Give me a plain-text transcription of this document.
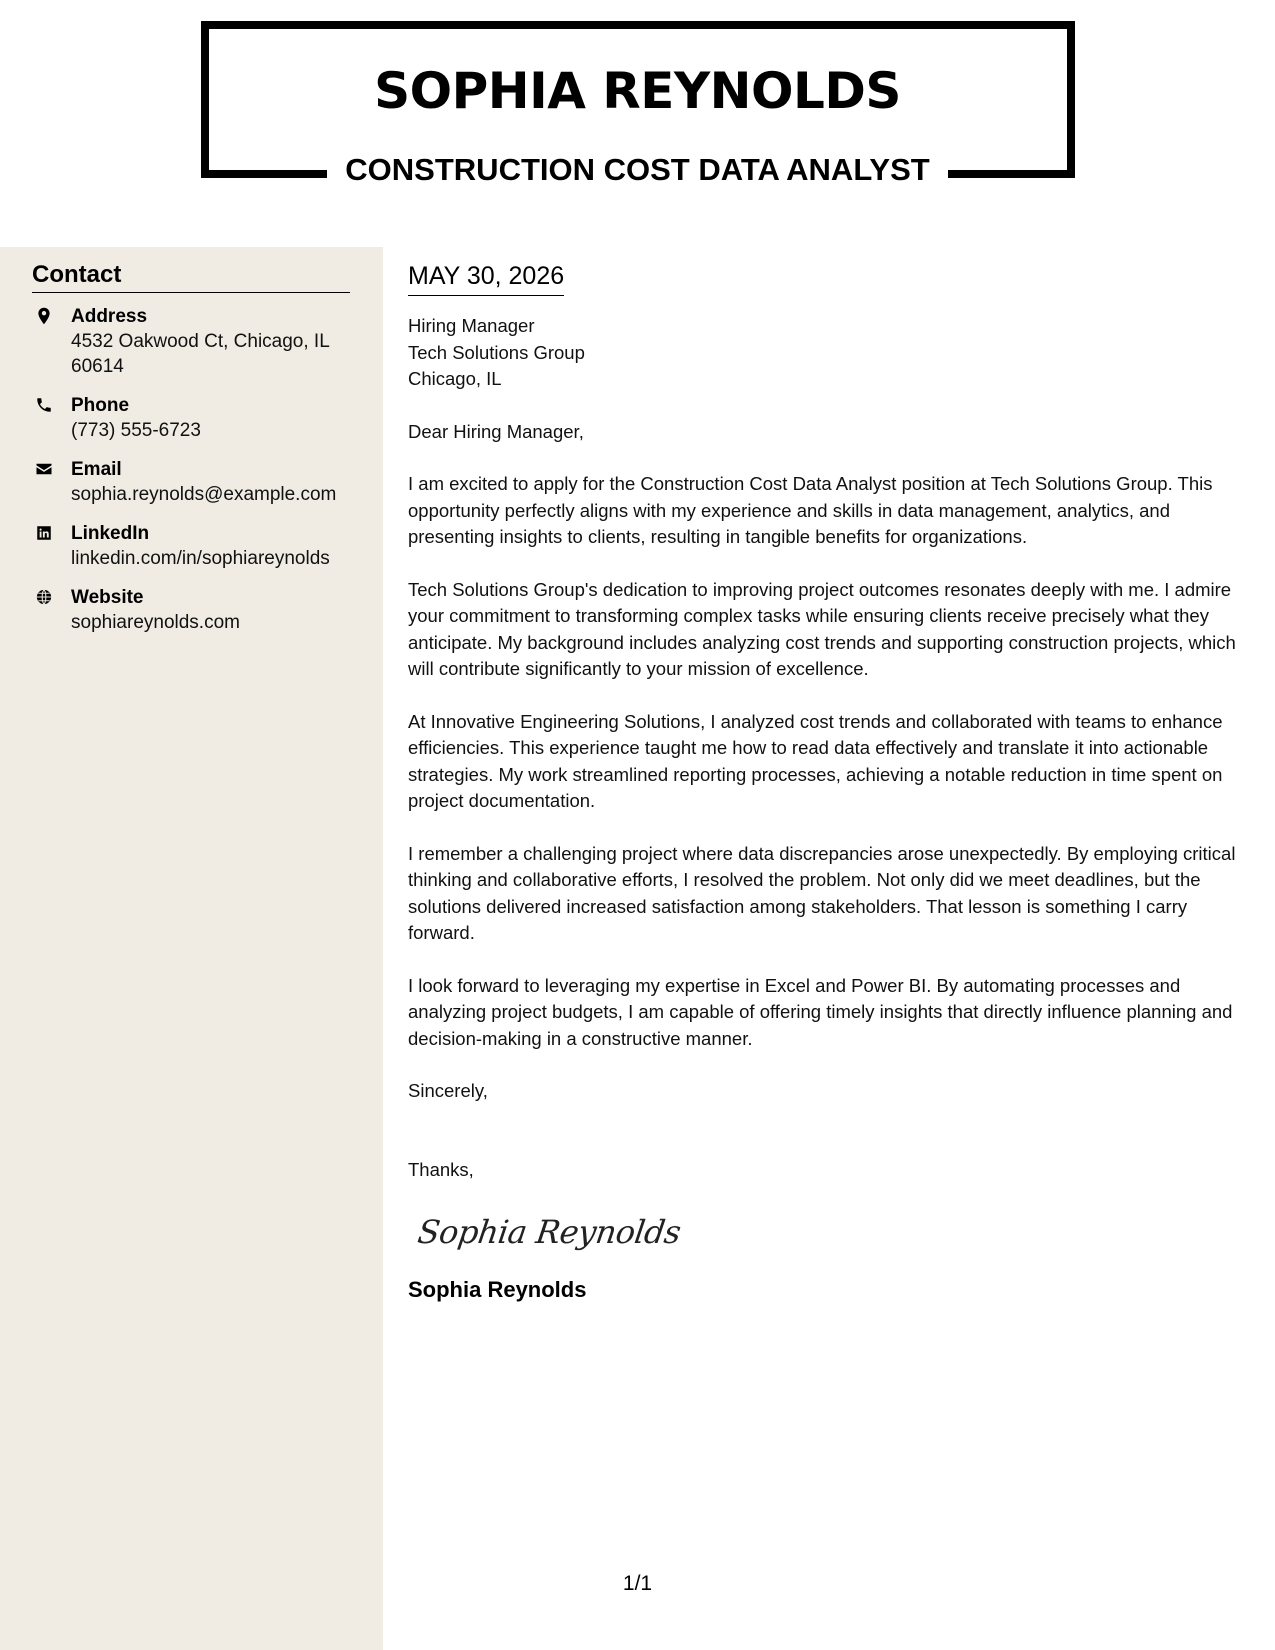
SOPHIA REYNOLDS
CONSTRUCTION COST DATA ANALYST
Contact
Address
4532 Oakwood Ct, Chicago, IL 60614
Phone
(773) 555-6723
Email
sophia.reynolds@example.com
LinkedIn
linkedin.com/in/sophiareynolds
Website
sophiareynolds.com
MAY 30, 2026
Hiring Manager
Tech Solutions Group
Chicago, IL
Dear Hiring Manager,

I am excited to apply for the Construction Cost Data Analyst position at Tech Solutions Group. This opportunity perfectly aligns with my experience and skills in data management, analytics, and presenting insights to clients, resulting in tangible benefits for organizations.

Tech Solutions Group's dedication to improving project outcomes resonates deeply with me. I admire your commitment to transforming complex tasks while ensuring clients receive precisely what they anticipate. My background includes analyzing cost trends and supporting construction projects, which will contribute significantly to your mission of excellence.

At Innovative Engineering Solutions, I analyzed cost trends and collaborated with teams to enhance efficiencies. This experience taught me how to read data effectively and translate it into actionable strategies. My work streamlined reporting processes, achieving a notable reduction in time spent on project documentation.

I remember a challenging project where data discrepancies arose unexpectedly. By employing critical thinking and collaborative efforts, I resolved the problem. Not only did we meet deadlines, but the solutions delivered increased satisfaction among stakeholders. That lesson is something I carry forward.

I look forward to leveraging my expertise in Excel and Power BI. By automating processes and analyzing project budgets, I am capable of offering timely insights that directly influence planning and decision-making in a constructive manner.

Sincerely,
Thanks,
Sophia Reynolds
Sophia Reynolds
1/1
